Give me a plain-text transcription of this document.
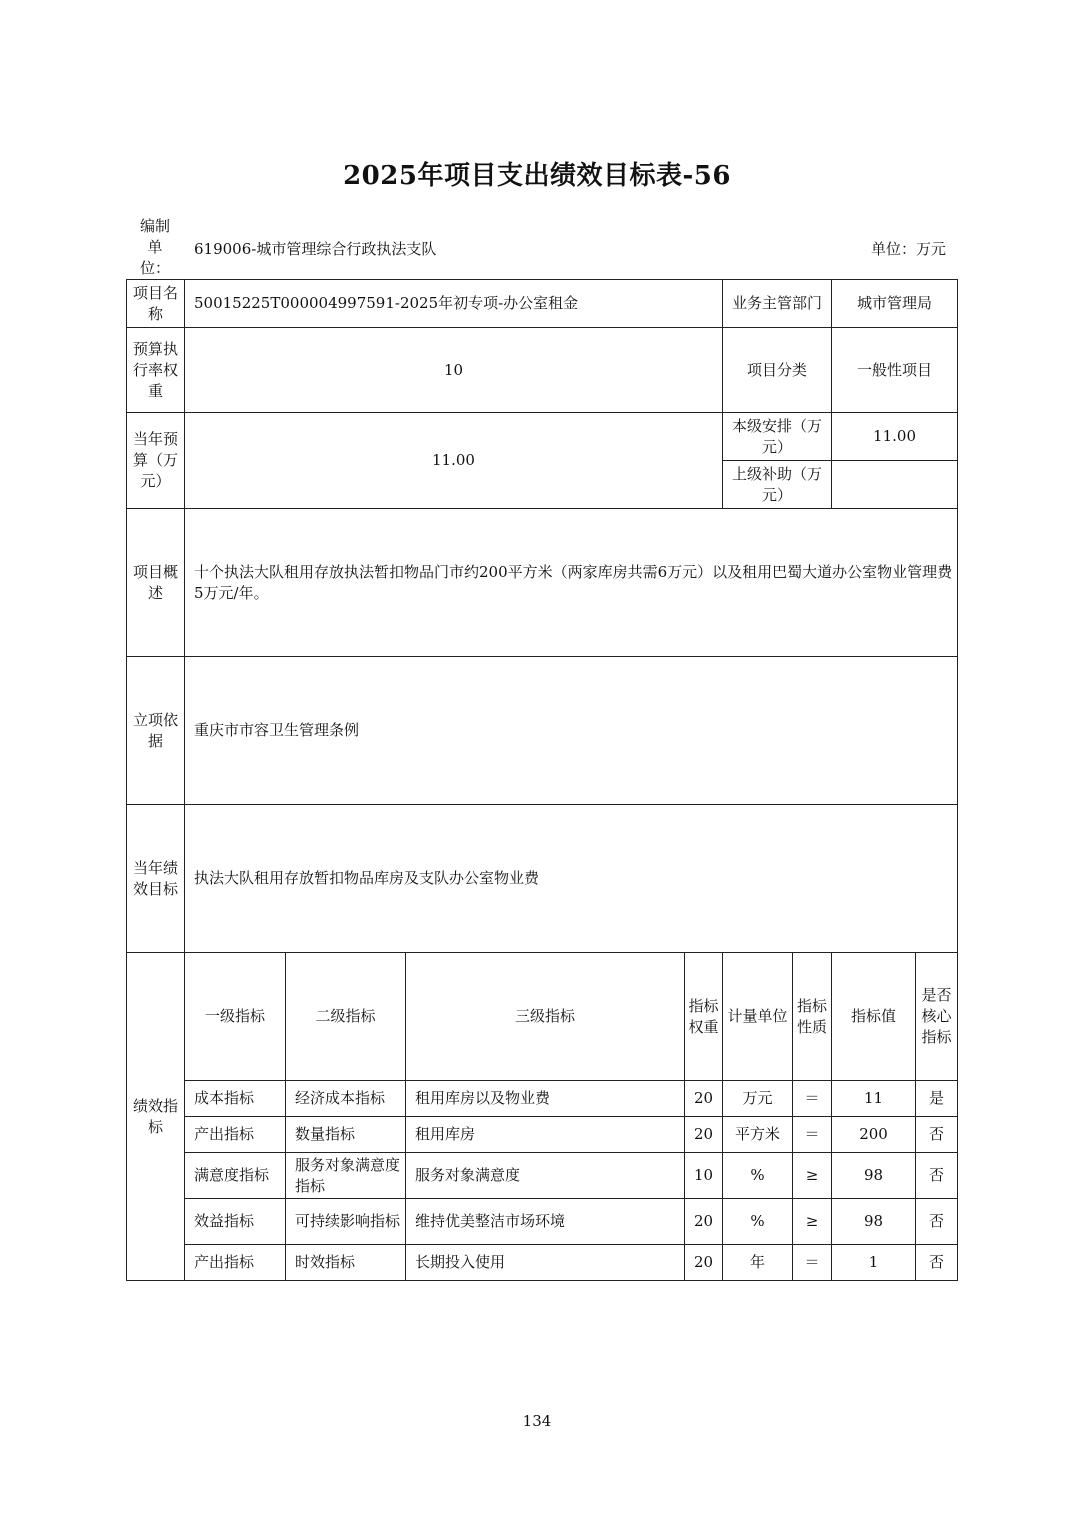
2025年项目支出绩效目标表-56
编制
单
位：
619006-城市管理综合行政执法支队	单位：万元
项目名称	50015225T000004997591-2025年初专项-办公室租金				业务主管部门		城市管理局	
预算执行率权重	10				项目分类		一般性项目	
当年预算（万元）	11.00				本级安排（万元）		11.00	
					上级补助（万元）			
项目概述	十个执法大队租用存放执法暂扣物品门市约200平方米（两家库房共需6万元）以及租用巴蜀大道办公室物业管理费5万元/年。							
立项依据	重庆市市容卫生管理条例							
当年绩效目标	执法大队租用存放暂扣物品库房及支队办公室物业费							
绩效指标	一级指标	二级指标	三级指标	指标权重	计量单位	指标性质	指标值	是否核心指标
	成本指标	经济成本指标	租用库房以及物业费	20	万元	＝	11	是
	产出指标	数量指标	租用库房	20	平方米	＝	200	否
	满意度指标	服务对象满意度指标	服务对象满意度	10	%	≥	98	否
	效益指标	可持续影响指标	维持优美整洁市场环境	20	%	≥	98	否
	产出指标	时效指标	长期投入使用	20	年	＝	1	否
134
